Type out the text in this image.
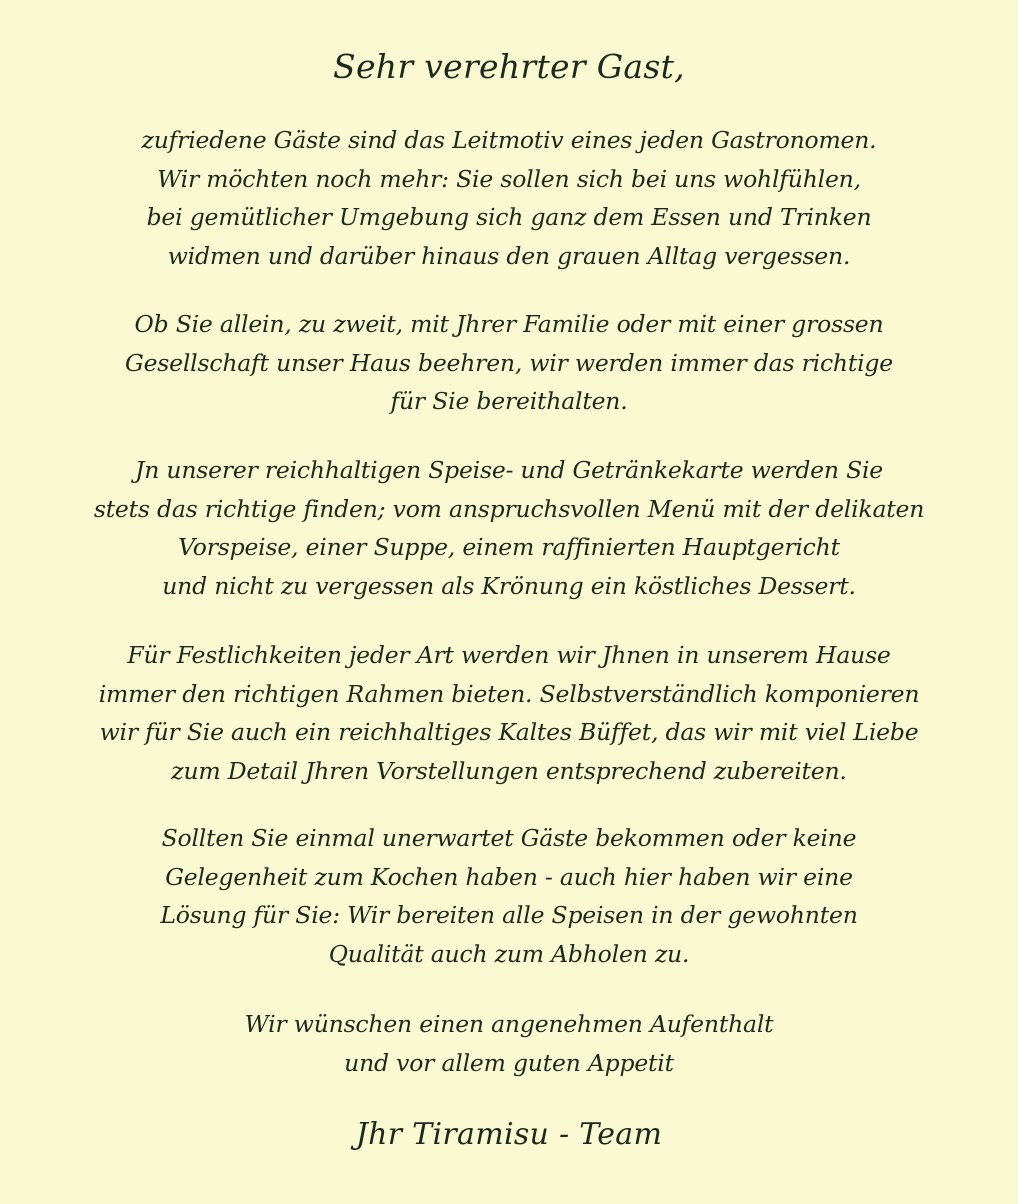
Sehr verehrter Gast,
zufriedene Gäste sind das Leitmotiv eines jeden Gastronomen.
Wir möchten noch mehr: Sie sollen sich bei uns wohlfühlen,
bei gemütlicher Umgebung sich ganz dem Essen und Trinken
widmen und darüber hinaus den grauen Alltag vergessen.
Ob Sie allein, zu zweit, mit Jhrer Familie oder mit einer grossen
Gesellschaft unser Haus beehren, wir werden immer das richtige
für Sie bereithalten.
Jn unserer reichhaltigen Speise- und Getränkekarte werden Sie
stets das richtige finden; vom anspruchsvollen Menü mit der delikaten
Vorspeise, einer Suppe, einem raffinierten Hauptgericht
und nicht zu vergessen als Krönung ein köstliches Dessert.
Für Festlichkeiten jeder Art werden wir Jhnen in unserem Hause
immer den richtigen Rahmen bieten. Selbstverständlich komponieren
wir für Sie auch ein reichhaltiges Kaltes Büffet, das wir mit viel Liebe
zum Detail Jhren Vorstellungen entsprechend zubereiten.
Sollten Sie einmal unerwartet Gäste bekommen oder keine
Gelegenheit zum Kochen haben - auch hier haben wir eine
Lösung für Sie: Wir bereiten alle Speisen in der gewohnten
Qualität auch zum Abholen zu.
Wir wünschen einen angenehmen Aufenthalt
und vor allem guten Appetit
Jhr Tiramisu - Team
